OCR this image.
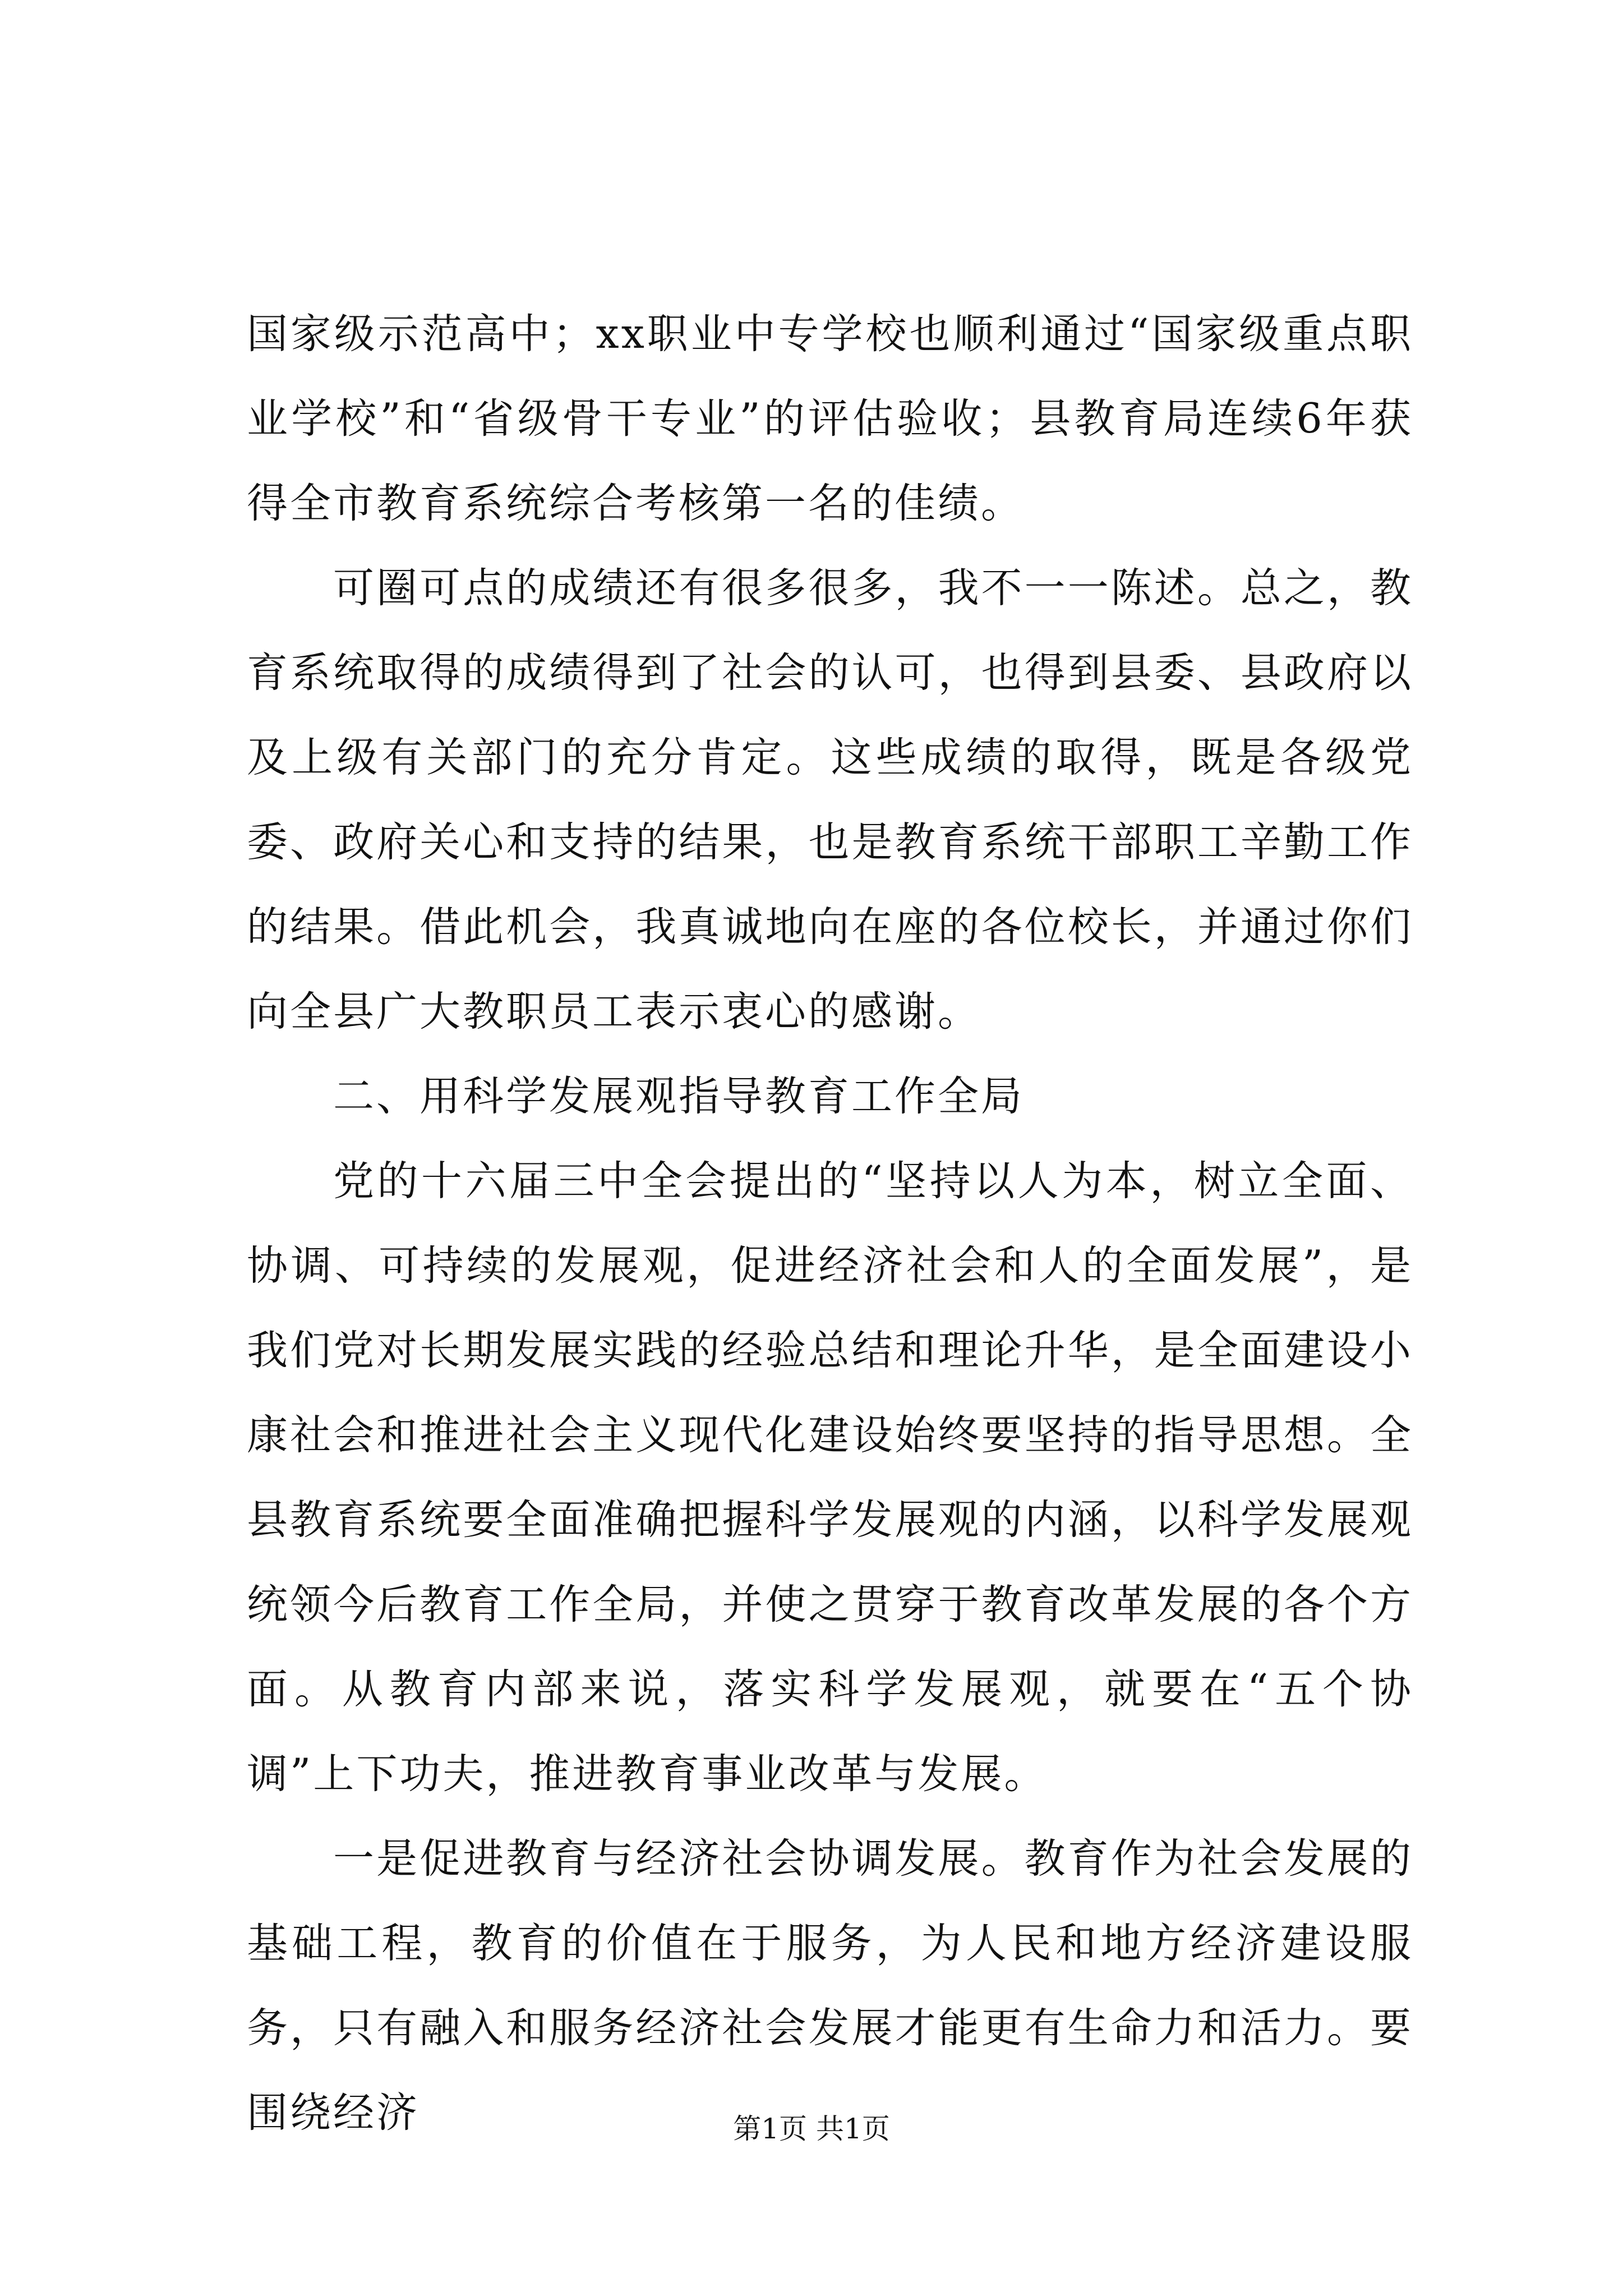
国家级示范高中；xx职业中专学校也顺利通过“国家级重点职业学校”和“省级骨干专业”的评估验收；县教育局连续6年获得全市教育系统综合考核第一名的佳绩。

可圈可点的成绩还有很多很多，我不一一陈述。总之，教育系统取得的成绩得到了社会的认可，也得到县委、县政府以及上级有关部门的充分肯定。这些成绩的取得，既是各级党委、政府关心和支持的结果，也是教育系统干部职工辛勤工作的结果。借此机会，我真诚地向在座的各位校长，并通过你们向全县广大教职员工表示衷心的感谢。

二、用科学发展观指导教育工作全局

党的十六届三中全会提出的“坚持以人为本，树立全面、协调、可持续的发展观，促进经济社会和人的全面发展”，是我们党对长期发展实践的经验总结和理论升华，是全面建设小康社会和推进社会主义现代化建设始终要坚持的指导思想。全县教育系统要全面准确把握科学发展观的内涵，以科学发展观统领今后教育工作全局，并使之贯穿于教育改革发展的各个方面。从教育内部来说，落实科学发展观，就要在“五个协调”上下功夫，推进教育事业改革与发展。

一是促进教育与经济社会协调发展。教育作为社会发展的基础工程，教育的价值在于服务，为人民和地方经济建设服务，只有融入和服务经济社会发展才能更有生命力和活力。要围绕经济	第1页 共1页
